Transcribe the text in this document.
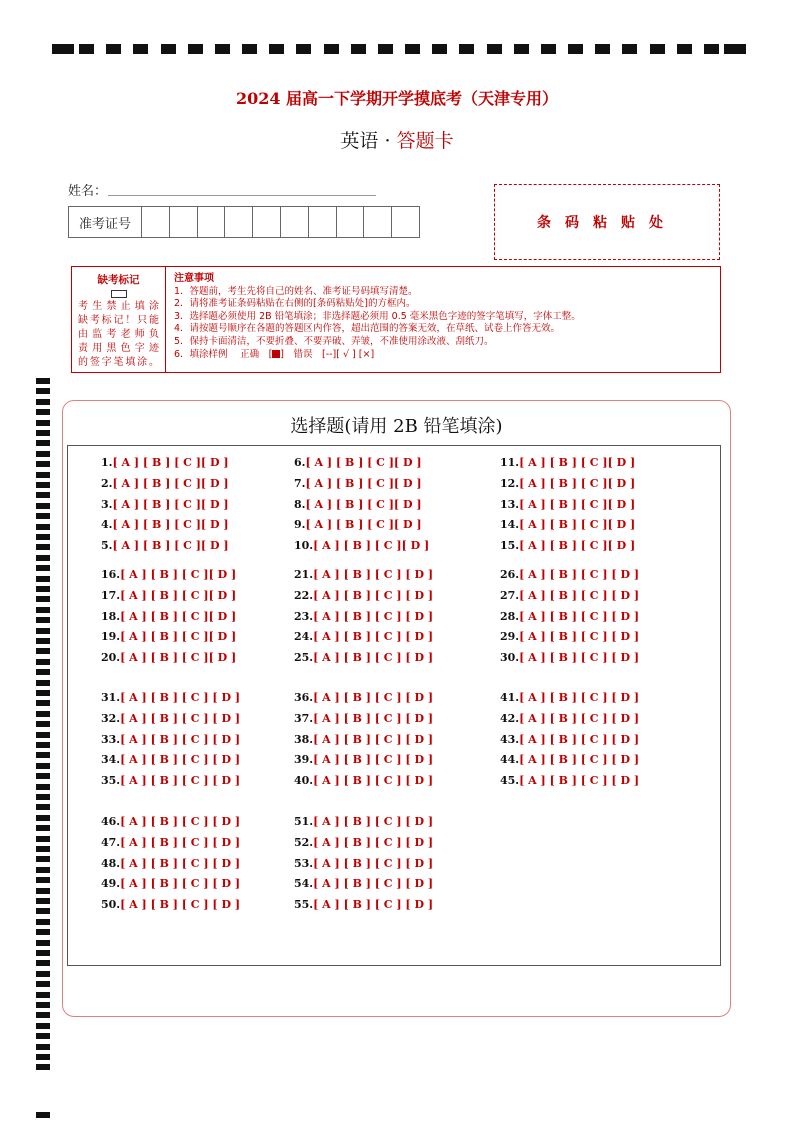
2024 届高一下学期开学摸底考（天津专用）
英语 · 答题卡
姓名：
准考证号	条码粘贴处
缺考标记
考生禁止填涂
缺考标记！只能
由监考老师负
责用黑色字迹
的签字笔填涂。
注意事项
1．答题前，考生先将自己的姓名、准考证号码填写清楚。
2．请将准考证条码粘贴在右侧的[条码粘贴处]的方框内。
3．选择题必须使用 2B 铅笔填涂；非选择题必须用 0.5 毫米黑色字迹的签字笔填写，字体工整。
4．请按题号顺序在各题的答题区内作答，超出范围的答案无效，在草纸、试卷上作答无效。
5．保持卡面清洁，不要折叠、不要弄破、弄皱，不准使用涂改液、刮纸刀。
6．填涂样例　 正确　[ ]　错误　[--][ √ ] [×]
选择题(请用 2B 铅笔填涂)
1.[ A ] [ B ] [ C ][ D ]
2.[ A ] [ B ] [ C ][ D ]
3.[ A ] [ B ] [ C ][ D ]
4.[ A ] [ B ] [ C ][ D ]
5.[ A ] [ B ] [ C ][ D ]
6.[ A ] [ B ] [ C ][ D ]
7.[ A ] [ B ] [ C ][ D ]
8.[ A ] [ B ] [ C ][ D ]
9.[ A ] [ B ] [ C ][ D ]
10.[ A ] [ B ] [ C ][ D ]
11.[ A ] [ B ] [ C ][ D ]
12.[ A ] [ B ] [ C ][ D ]
13.[ A ] [ B ] [ C ][ D ]
14.[ A ] [ B ] [ C ][ D ]
15.[ A ] [ B ] [ C ][ D ]
16.[ A ] [ B ] [ C ][ D ]
17.[ A ] [ B ] [ C ][ D ]
18.[ A ] [ B ] [ C ][ D ]
19.[ A ] [ B ] [ C ][ D ]
20.[ A ] [ B ] [ C ][ D ]
21.[ A ] [ B ] [ C ] [ D ]
22.[ A ] [ B ] [ C ] [ D ]
23.[ A ] [ B ] [ C ] [ D ]
24.[ A ] [ B ] [ C ] [ D ]
25.[ A ] [ B ] [ C ] [ D ]
26.[ A ] [ B ] [ C ] [ D ]
27.[ A ] [ B ] [ C ] [ D ]
28.[ A ] [ B ] [ C ] [ D ]
29.[ A ] [ B ] [ C ] [ D ]
30.[ A ] [ B ] [ C ] [ D ]
31.[ A ] [ B ] [ C ] [ D ]
32.[ A ] [ B ] [ C ] [ D ]
33.[ A ] [ B ] [ C ] [ D ]
34.[ A ] [ B ] [ C ] [ D ]
35.[ A ] [ B ] [ C ] [ D ]
36.[ A ] [ B ] [ C ] [ D ]
37.[ A ] [ B ] [ C ] [ D ]
38.[ A ] [ B ] [ C ] [ D ]
39.[ A ] [ B ] [ C ] [ D ]
40.[ A ] [ B ] [ C ] [ D ]
41.[ A ] [ B ] [ C ] [ D ]
42.[ A ] [ B ] [ C ] [ D ]
43.[ A ] [ B ] [ C ] [ D ]
44.[ A ] [ B ] [ C ] [ D ]
45.[ A ] [ B ] [ C ] [ D ]
46.[ A ] [ B ] [ C ] [ D ]
47.[ A ] [ B ] [ C ] [ D ]
48.[ A ] [ B ] [ C ] [ D ]
49.[ A ] [ B ] [ C ] [ D ]
50.[ A ] [ B ] [ C ] [ D ]
51.[ A ] [ B ] [ C ] [ D ]
52.[ A ] [ B ] [ C ] [ D ]
53.[ A ] [ B ] [ C ] [ D ]
54.[ A ] [ B ] [ C ] [ D ]
55.[ A ] [ B ] [ C ] [ D ]
